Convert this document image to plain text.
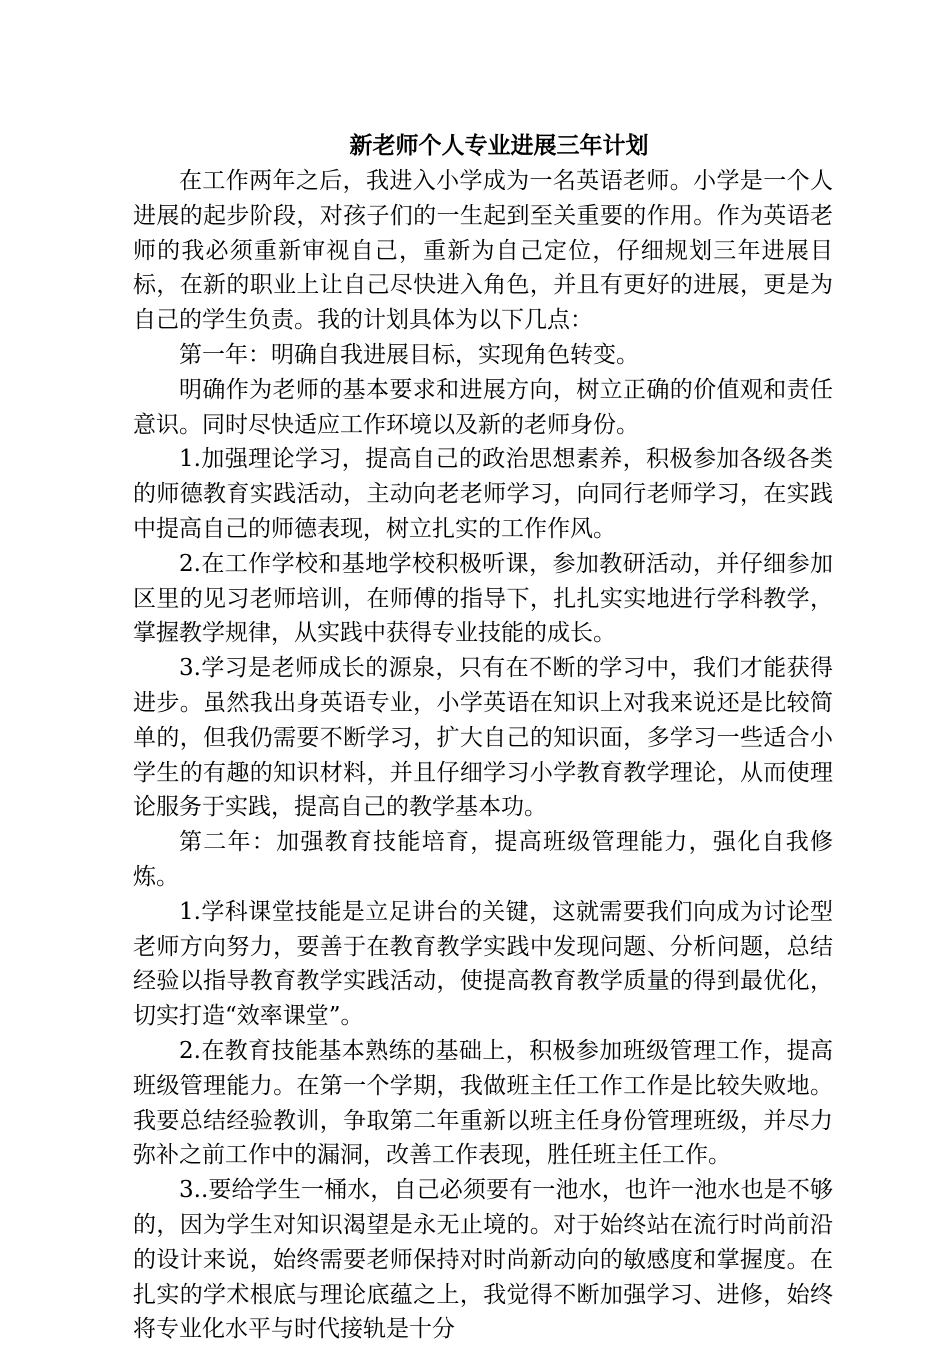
新老师个人专业进展三年计划

在工作两年之后，我进入小学成为一名英语老师。小学是一个人进展的起步阶段，对孩子们的一生起到至关重要的作用。作为英语老师的我必须重新审视自己，重新为自己定位，仔细规划三年进展目标，在新的职业上让自己尽快进入角色，并且有更好的进展，更是为自己的学生负责。我的计划具体为以下几点：

第一年：明确自我进展目标，实现角色转变。

明确作为老师的基本要求和进展方向，树立正确的价值观和责任意识。同时尽快适应工作环境以及新的老师身份。

1.加强理论学习，提高自己的政治思想素养，积极参加各级各类的师德教育实践活动，主动向老老师学习，向同行老师学习，在实践中提高自己的师德表现，树立扎实的工作作风。

2.在工作学校和基地学校积极听课，参加教研活动，并仔细参加区里的见习老师培训，在师傅的指导下，扎扎实实地进行学科教学，掌握教学规律，从实践中获得专业技能的成长。

3.学习是老师成长的源泉，只有在不断的学习中，我们才能获得进步。虽然我出身英语专业，小学英语在知识上对我来说还是比较简单的，但我仍需要不断学习，扩大自己的知识面，多学习一些适合小学生的有趣的知识材料，并且仔细学习小学教育教学理论，从而使理论服务于实践，提高自己的教学基本功。

第二年：加强教育技能培育，提高班级管理能力，强化自我修炼。

1.学科课堂技能是立足讲台的关键，这就需要我们向成为讨论型老师方向努力，要善于在教育教学实践中发现问题、分析问题，总结经验以指导教育教学实践活动，使提高教育教学质量的得到最优化，切实打造“效率课堂”。

2.在教育技能基本熟练的基础上，积极参加班级管理工作，提高班级管理能力。在第一个学期，我做班主任工作工作是比较失败地。我要总结经验教训，争取第二年重新以班主任身份管理班级，并尽力弥补之前工作中的漏洞，改善工作表现，胜任班主任工作。

3..要给学生一桶水，自己必须要有一池水，也许一池水也是不够的，因为学生对知识渴望是永无止境的。对于始终站在流行时尚前沿的设计来说，始终需要老师保持对时尚新动向的敏感度和掌握度。在扎实的学术根底与理论底蕴之上，我觉得不断加强学习、进修，始终将专业化水平与时代接轨是十分
